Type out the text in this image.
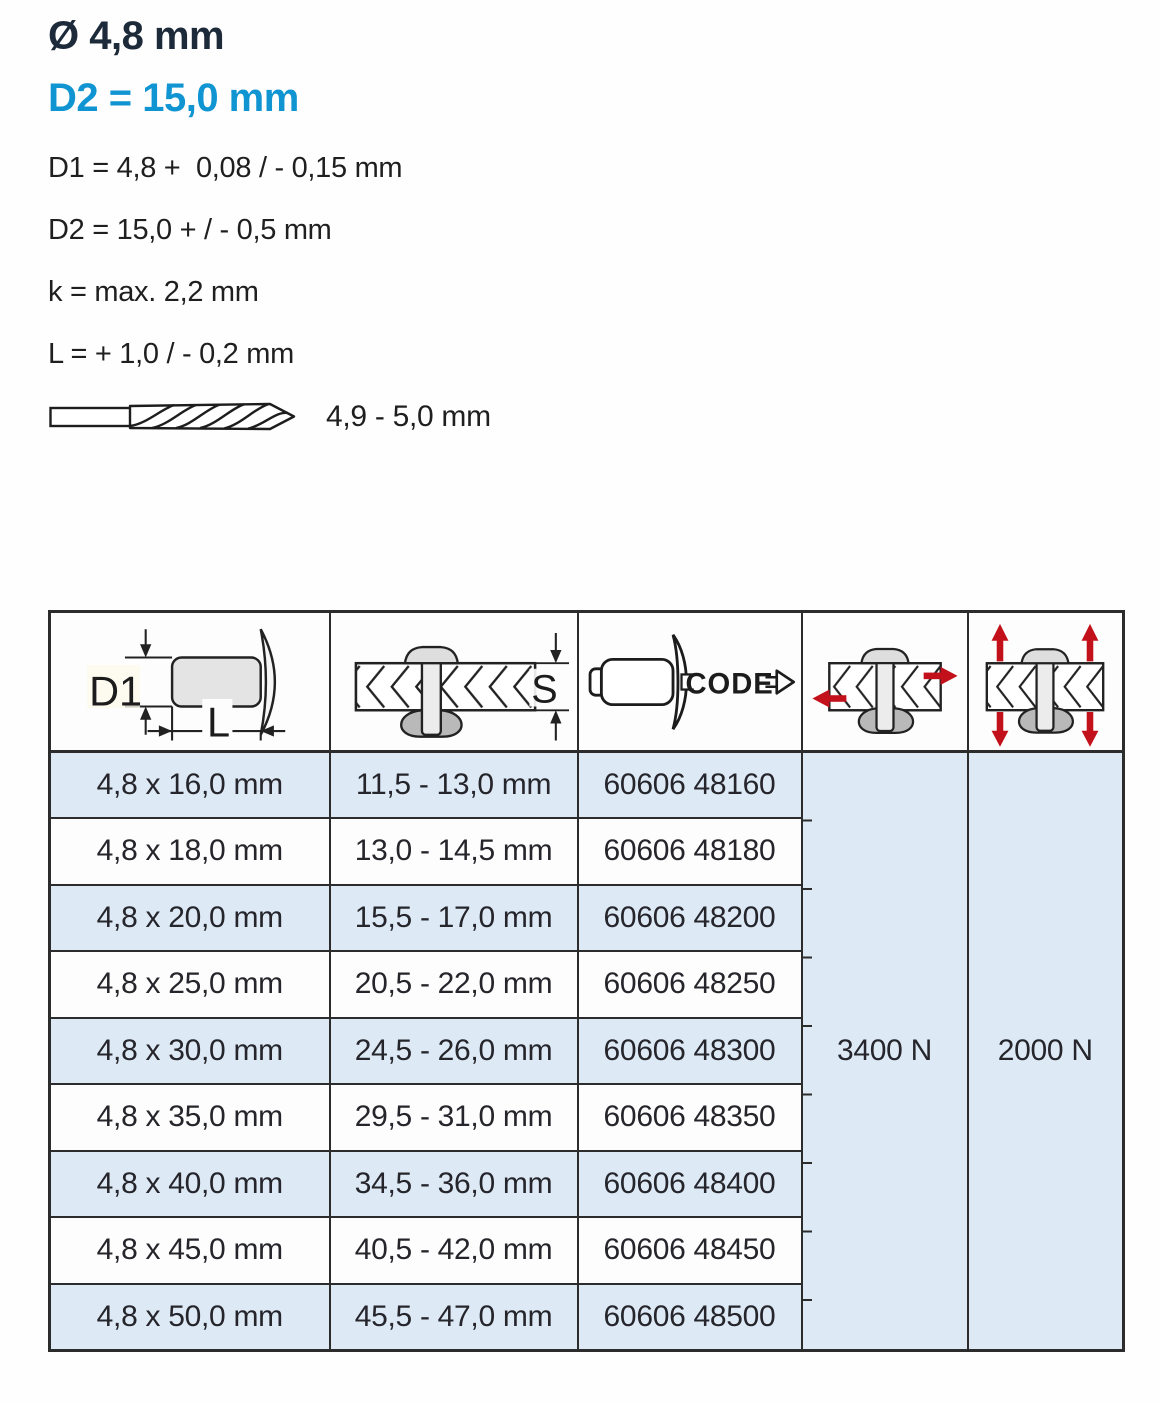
Ø 4,8 mm
D2 = 15,0 mm
D1 = 4,8 +  0,08 / - 0,15 mm
D2 = 15,0 + / - 0,5 mm
k = max. 2,2 mm
L = + 1,0 / - 0,2 mm
4,9 - 5,0 mm
D1
L	S	CODE

4,8 x 16,0 mm	11,5 - 13,0 mm	60606 48160	3400 N	2000 N
4,8 x 18,0 mm	13,0 - 14,5 mm	60606 48180		
4,8 x 20,0 mm	15,5 - 17,0 mm	60606 48200		
4,8 x 25,0 mm	20,5 - 22,0 mm	60606 48250		
4,8 x 30,0 mm	24,5 - 26,0 mm	60606 48300		
4,8 x 35,0 mm	29,5 - 31,0 mm	60606 48350		
4,8 x 40,0 mm	34,5 - 36,0 mm	60606 48400		
4,8 x 45,0 mm	40,5 - 42,0 mm	60606 48450		
4,8 x 50,0 mm	45,5 - 47,0 mm	60606 48500		
